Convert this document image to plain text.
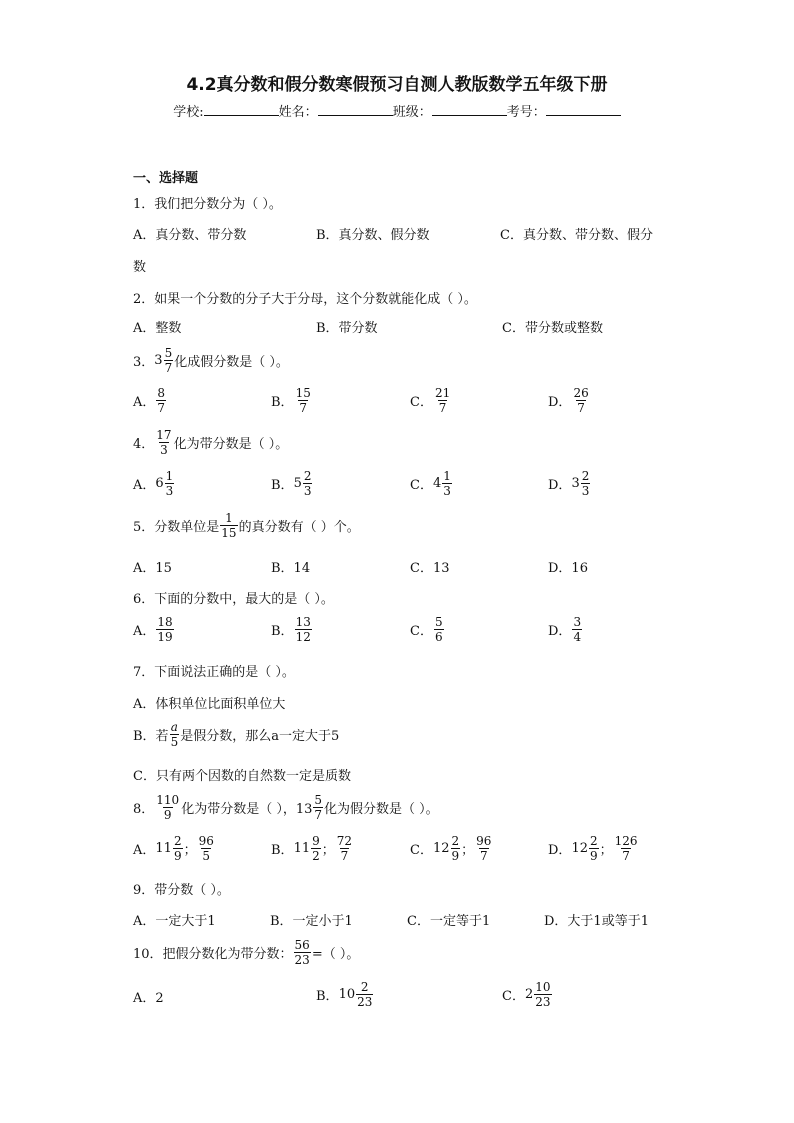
4.2真分数和假分数寒假预习自测人教版数学五年级下册
学校:	姓名：	班级：	考号：
一、选择题
1．我们把分数分为（ ）。
A．真分数、带分数	B．真分数、假分数	C．真分数、带分数、假分
数
2．如果一个分数的分子大于分母，这个分数就能化成（ ）。
A．整数	B．带分数	C．带分数或整数
3．$3 \frac{5}{7}$ 化成假分数是（ ）。
A． $\frac{8}{7}$	B． $\frac{15}{7}$	C． $\frac{21}{7}$	D． $\frac{26}{7}$
4． $\frac{17}{3}$ 化为带分数是（ ）。
A．$6 \frac{1}{3}$	B．$5 \frac{2}{3}$	C．$4 \frac{1}{3}$	D．$3 \frac{2}{3}$
5．分数单位是 $\frac{1}{15}$ 的真分数有（ ）个。
A．15	B．14	C．13	D．16
6．下面的分数中，最大的是（ ）。
A． $\frac{18}{19}$	B． $\frac{13}{12}$	C． $\frac{5}{6}$	D． $\frac{3}{4}$
7．下面说法正确的是（ ）。
A．体积单位比面积单位大
B．若 $\frac{a}{5}$ 是假分数，那么a一定大于5
C．只有两个因数的自然数一定是质数
8． $\frac{110}{9}$ 化为带分数是（ ），$13 \frac{5}{7}$ 化为假分数是（ ）。
A．$11 \frac{2}{9}$ ； $\frac{96}{5}$	B．$11 \frac{9}{2}$ ； $\frac{72}{7}$	C．$12 \frac{2}{9}$ ； $\frac{96}{7}$	D．$12 \frac{2}{9}$ ； $\frac{126}{7}$
9．带分数（ ）。
A．一定大于1	B．一定小于1	C．一定等于1	D．大于1或等于1
10．把假分数化为带分数： $\frac{56}{23}$ =（ ）。
A．2	B．$10 \frac{2}{23}$	C．$2 \frac{10}{23}$
